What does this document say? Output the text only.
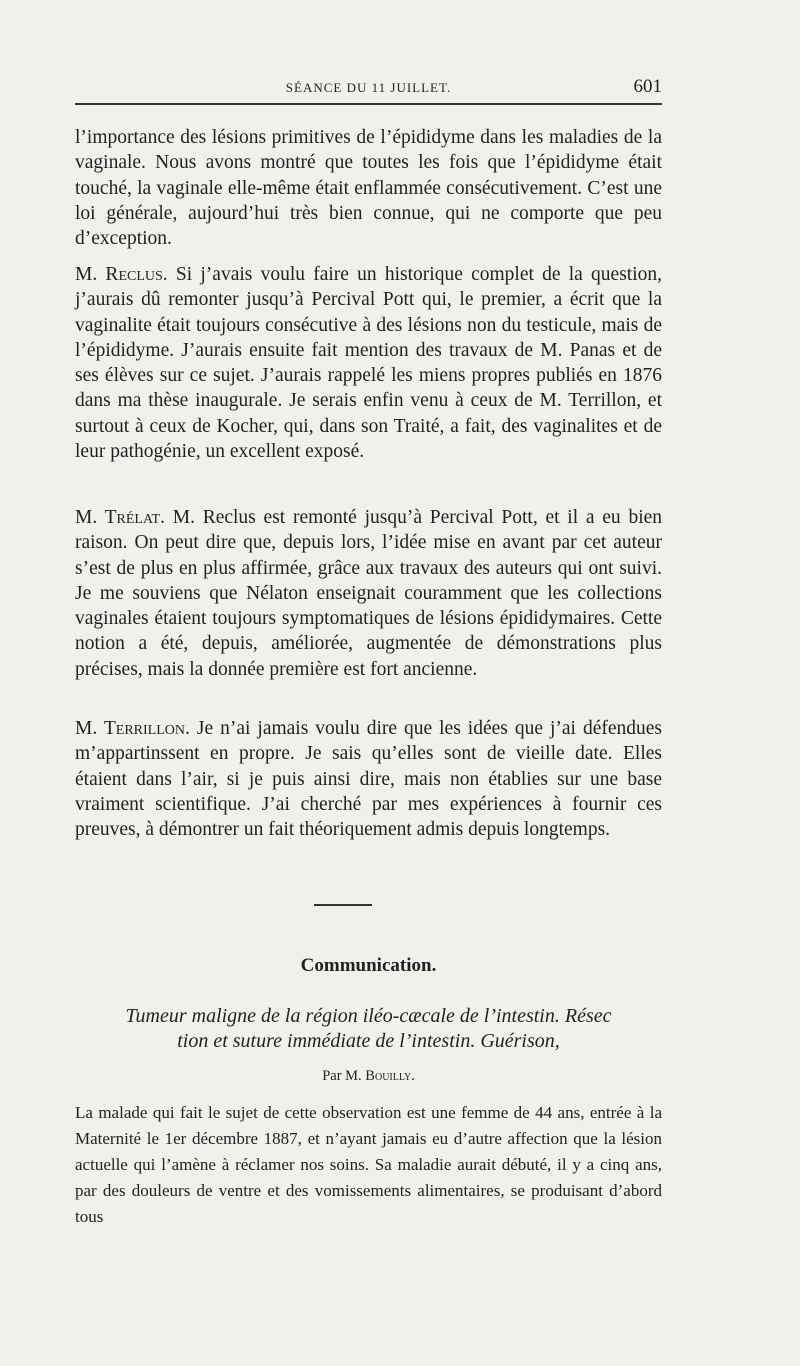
SÉANCE DU 11 JUILLET.	601

l’importance des lésions primitives de l’épididyme dans les maladies de la vaginale. Nous avons montré que toutes les fois que l’épididyme était touché, la vaginale elle-même était enflammée consécutivement. C’est une loi générale, aujourd’hui très bien connue, qui ne comporte que peu d’exception.

M. Reclus. Si j’avais voulu faire un historique complet de la question, j’aurais dû remonter jusqu’à Percival Pott qui, le premier, a écrit que la vaginalite était toujours consécutive à des lésions non du testicule, mais de l’épididyme. J’aurais ensuite fait mention des travaux de M. Panas et de ses élèves sur ce sujet. J’aurais rappelé les miens propres publiés en 1876 dans ma thèse inaugurale. Je serais enfin venu à ceux de M. Terrillon, et surtout à ceux de Kocher, qui, dans son Traité, a fait, des vaginalites et de leur pathogénie, un excellent exposé.

M. Trélat. M. Reclus est remonté jusqu’à Percival Pott, et il a eu bien raison. On peut dire que, depuis lors, l’idée mise en avant par cet auteur s’est de plus en plus affirmée, grâce aux travaux des auteurs qui ont suivi. Je me souviens que Nélaton enseignait couramment que les collections vaginales étaient toujours symptomatiques de lésions épididymaires. Cette notion a été, depuis, améliorée, augmentée de démonstrations plus précises, mais la donnée première est fort ancienne.

M. Terrillon. Je n’ai jamais voulu dire que les idées que j’ai défendues m’appartinssent en propre. Je sais qu’elles sont de vieille date. Elles étaient dans l’air, si je puis ainsi dire, mais non établies sur une base vraiment scientifique. J’ai cherché par mes expériences à fournir ces preuves, à démontrer un fait théoriquement admis depuis longtemps.

Communication.
Tumeur maligne de la région iléo-cæcale de l’intestin. Résec
tion et suture immédiate de l’intestin. Guérison,
Par M. Bouilly.

La malade qui fait le sujet de cette observation est une femme de 44 ans, entrée à la Maternité le 1er décembre 1887, et n’ayant jamais eu d’autre affection que la lésion actuelle qui l’amène à réclamer nos soins. Sa maladie aurait débuté, il y a cinq ans, par des douleurs de ventre et des vomissements alimentaires, se produisant d’abord tous
